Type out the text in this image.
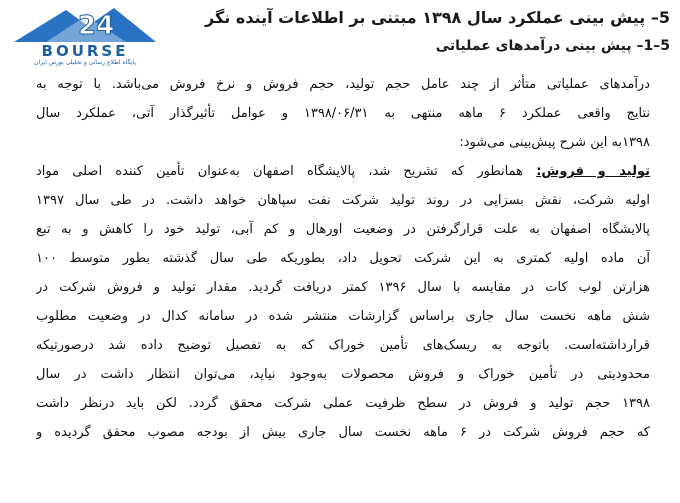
24
BOURSE
پایگاه اطلاع رسانی و تحلیلی بورس ایران
5– پیش بینی عملکرد سال ۱۳۹۸ مبتنی بر اطلاعات آینده نگر
5–1– پیش بینی درآمدهای عملیاتی
درآمدهای عملیاتی متأثر از چند عامل حجم تولید، حجم فروش و نرخ فروش می‌باشد. با توجه به
نتایج واقعی عملکرد ۶ ماهه منتهی به ۱۳۹۸/۰۶/۳۱ و عوامل تأثیرگذار آتی، عملکرد سال
۱۳۹۸به این شرح پیش‌بینی می‌شود:
تولید و فروش: همانطور که تشریح شد، پالایشگاه اصفهان به‌عنوان تأمین کننده اصلی مواد
اولیه شرکت، نقش بسزایی در روند تولید شرکت نفت سپاهان خواهد داشت. در طی سال ۱۳۹۷
پالایشگاه اصفهان به علت قرارگرفتن در وضعیت اورهال و کم آبی، تولید خود را کاهش و به تبع
آن ماده اولیه کمتری به این شرکت تحویل داد، بطوریکه طی سال گذشته بطور متوسط ۱۰۰
هزارتن لوب کات در مقایسه با سال ۱۳۹۶ کمتر دریافت گردید. مقدار تولید و فروش شرکت در
شش ماهه نخست سال جاری براساس گزارشات منتشر شده در سامانه کدال در وضعیت مطلوب
قرارداشته‌است. باتوجه به ریسک‌های تأمین خوراک که به تفصیل توضیح داده شد درصورتیکه
محدودیتی در تأمین خوراک و فروش محصولات به‌وجود نیاید، می‌توان انتظار داشت در سال
۱۳۹۸ حجم تولید و فروش در سطح ظرفیت عملی شرکت محقق گردد. لکن باید درنظر داشت
که حجم فروش شرکت در ۶ ماهه نخست سال جاری بیش از بودجه مصوب محقق گردیده و
